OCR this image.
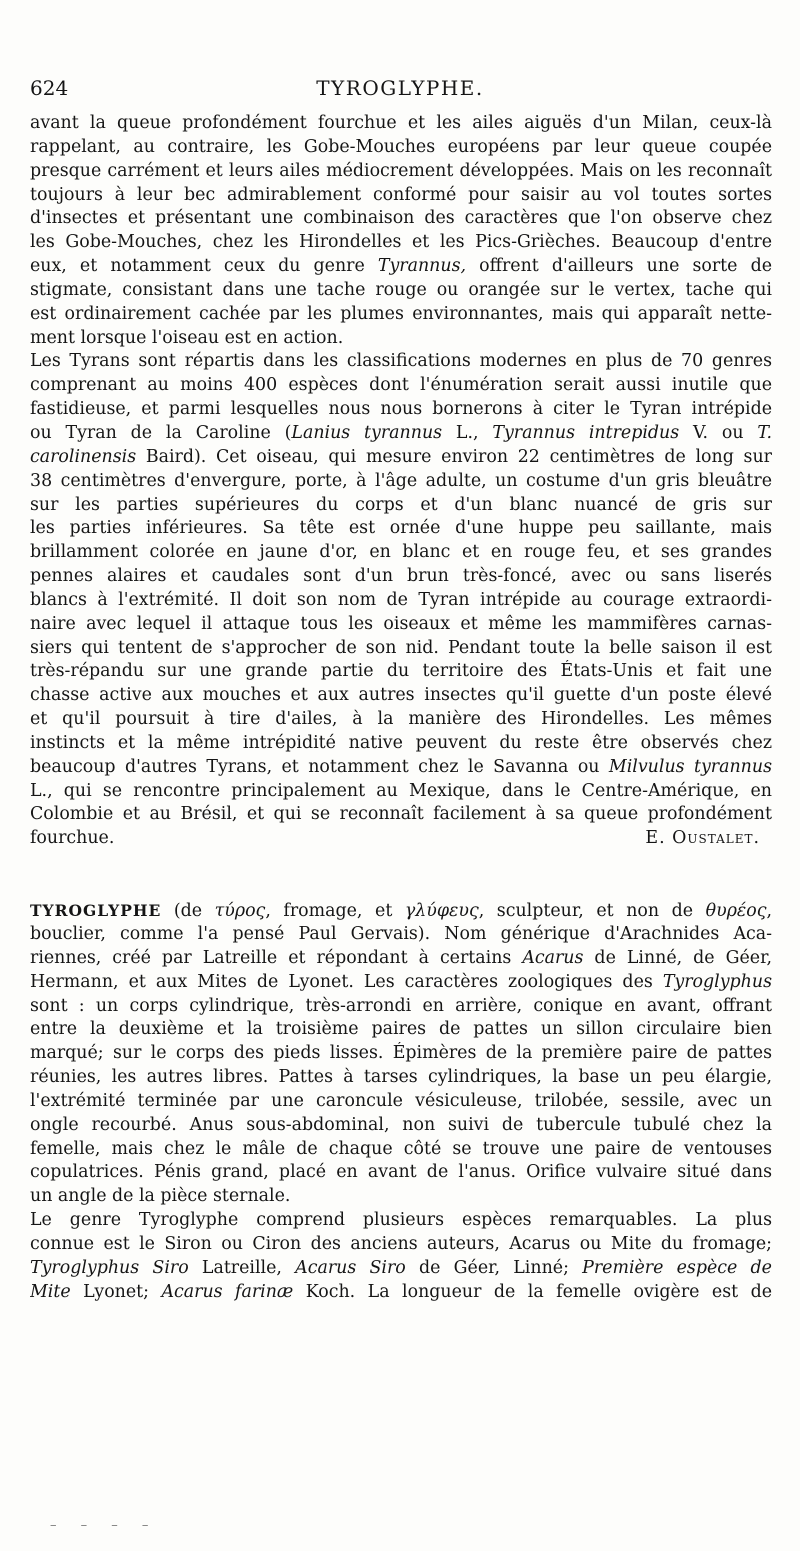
624	TYROGLYPHE.

avant la queue profondément fourchue et les ailes aiguës d'un Milan, ceux-là

rappelant, au contraire, les Gobe-Mouches européens par leur queue coupée

presque carrément et leurs ailes médiocrement développées. Mais on les reconnaît

toujours à leur bec admirablement conformé pour saisir au vol toutes sortes

d'insectes et présentant une combinaison des caractères que l'on observe chez

les Gobe-Mouches, chez les Hirondelles et les Pics-Grièches. Beaucoup d'entre

eux, et notamment ceux du genre Tyrannus, offrent d'ailleurs une sorte de

stigmate, consistant dans une tache rouge ou orangée sur le vertex, tache qui

est ordinairement cachée par les plumes environnantes, mais qui apparaît nette-

ment lorsque l'oiseau est en action.

Les Tyrans sont répartis dans les classifications modernes en plus de 70 genres

comprenant au moins 400 espèces dont l'énumération serait aussi inutile que

fastidieuse, et parmi lesquelles nous nous bornerons à citer le Tyran intrépide

ou Tyran de la Caroline (Lanius tyrannus L., Tyrannus intrepidus V. ou T.

carolinensis Baird). Cet oiseau, qui mesure environ 22 centimètres de long sur

38 centimètres d'envergure, porte, à l'âge adulte, un costume d'un gris bleuâtre

sur les parties supérieures du corps et d'un blanc nuancé de gris sur

les parties inférieures. Sa tête est ornée d'une huppe peu saillante, mais

brillamment colorée en jaune d'or, en blanc et en rouge feu, et ses grandes

pennes alaires et caudales sont d'un brun très-foncé, avec ou sans liserés

blancs à l'extrémité. Il doit son nom de Tyran intrépide au courage extraordi-

naire avec lequel il attaque tous les oiseaux et même les mammifères carnas-

siers qui tentent de s'approcher de son nid. Pendant toute la belle saison il est

très-répandu sur une grande partie du territoire des États-Unis et fait une

chasse active aux mouches et aux autres insectes qu'il guette d'un poste élevé

et qu'il poursuit à tire d'ailes, à la manière des Hirondelles. Les mêmes

instincts et la même intrépidité native peuvent du reste être observés chez

beaucoup d'autres Tyrans, et notamment chez le Savanna ou Milvulus tyrannus

L., qui se rencontre principalement au Mexique, dans le Centre-Amérique, en

Colombie et au Brésil, et qui se reconnaît facilement à sa queue profondément

fourchue.	E. Oustalet.

TYROGLYPHE (de τύρος, fromage, et γλύφευς, sculpteur, et non de θυρέος,

bouclier, comme l'a pensé Paul Gervais). Nom générique d'Arachnides Aca-

riennes, créé par Latreille et répondant à certains Acarus de Linné, de Géer,

Hermann, et aux Mites de Lyonet. Les caractères zoologiques des Tyroglyphus

sont : un corps cylindrique, très-arrondi en arrière, conique en avant, offrant

entre la deuxième et la troisième paires de pattes un sillon circulaire bien

marqué; sur le corps des pieds lisses. Épimères de la première paire de pattes

réunies, les autres libres. Pattes à tarses cylindriques, la base un peu élargie,

l'extrémité terminée par une caroncule vésiculeuse, trilobée, sessile, avec un

ongle recourbé. Anus sous-abdominal, non suivi de tubercule tubulé chez la

femelle, mais chez le mâle de chaque côté se trouve une paire de ventouses

copulatrices. Pénis grand, placé en avant de l'anus. Orifice vulvaire situé dans

un angle de la pièce sternale.

Le genre Tyroglyphe comprend plusieurs espèces remarquables. La plus

connue est le Siron ou Ciron des anciens auteurs, Acarus ou Mite du fromage;

Tyroglyphus Siro Latreille, Acarus Siro de Géer, Linné; Première espèce de

Mite Lyonet; Acarus farinæ Koch. La longueur de la femelle ovigère est de

– – – –
